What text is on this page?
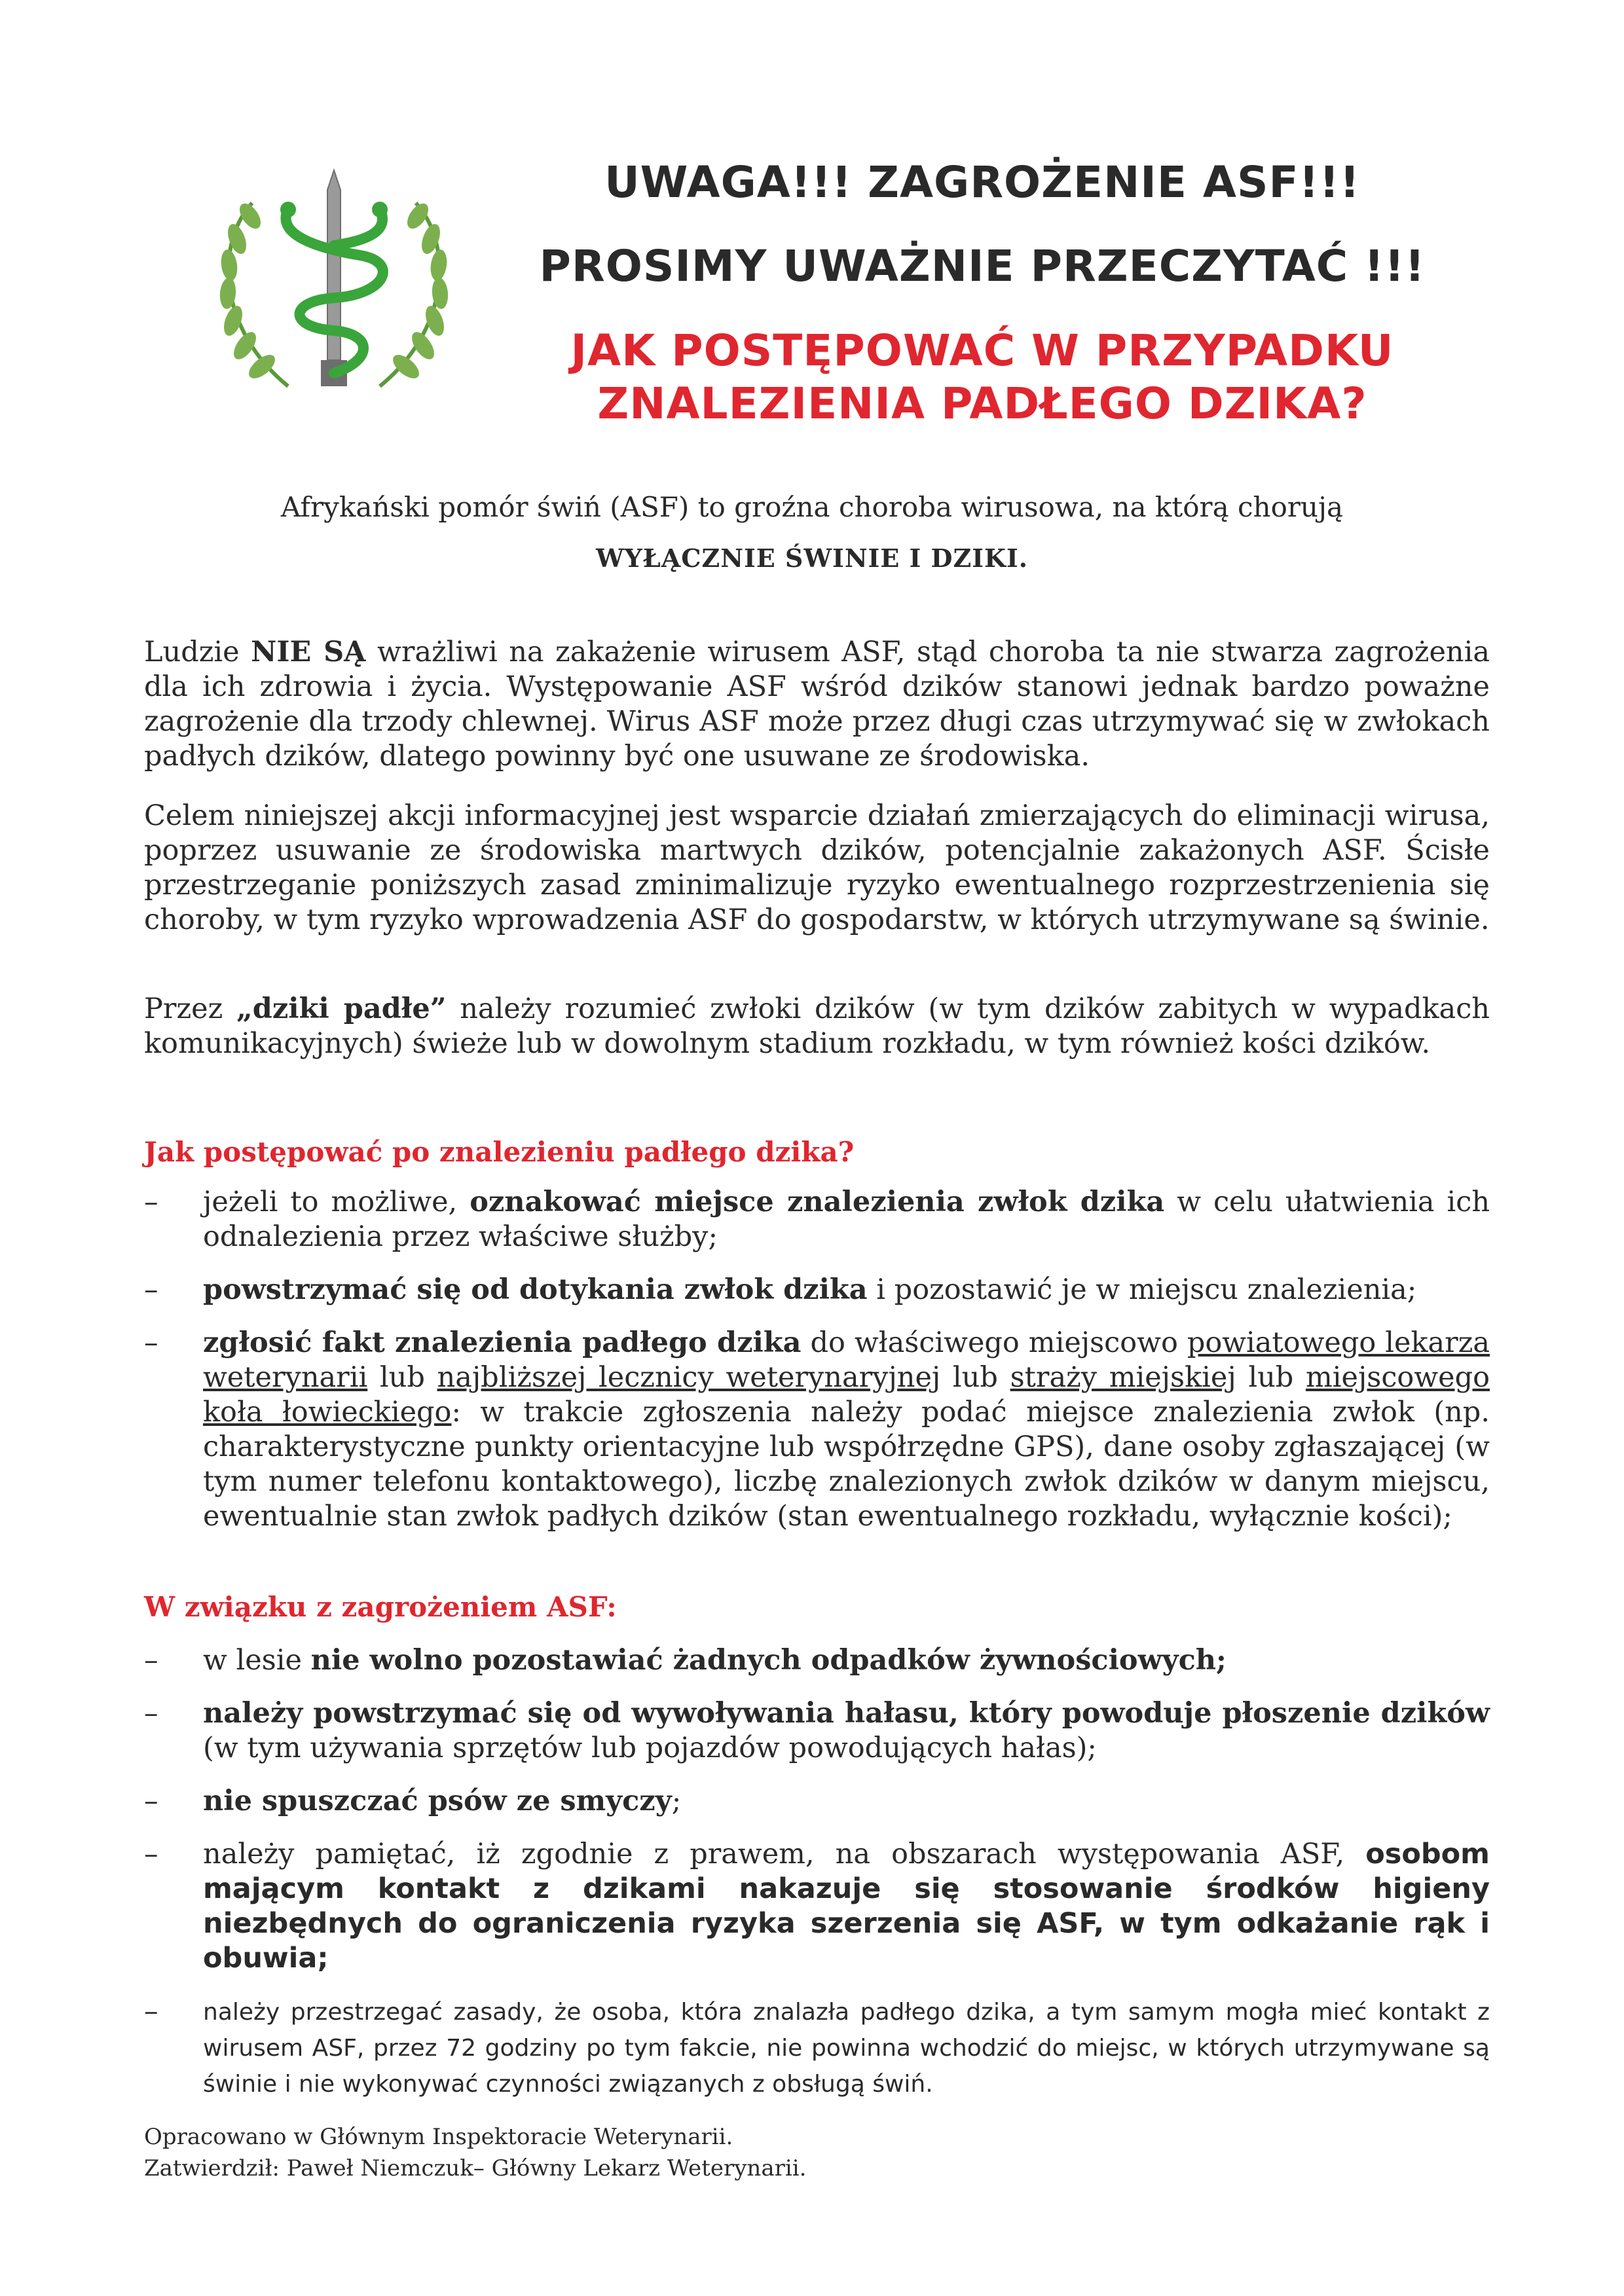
UWAGA!!! ZAGROŻENIE ASF!!!
PROSIMY UWAŻNIE PRZECZYTAĆ !!!
JAK POSTĘPOWAĆ W PRZYPADKU
ZNALEZIENIA PADŁEGO DZIKA?
Afrykański pomór świń (ASF) to groźna choroba wirusowa, na którą chorują
WYŁĄCZNIE ŚWINIE I DZIKI.
Ludzie NIE SĄ wrażliwi na zakażenie wirusem ASF, stąd choroba ta nie stwarza zagrożenia dla ich zdrowia i życia. Występowanie ASF wśród dzików stanowi jednak bardzo poważne zagrożenie dla trzody chlewnej. Wirus ASF może przez długi czas utrzymywać się w zwłokach padłych dzików, dlatego powinny być one usuwane ze środowiska.
Celem niniejszej akcji informacyjnej jest wsparcie działań zmierzających do eliminacji wirusa, poprzez usuwanie ze środowiska martwych dzików, potencjalnie zakażonych ASF. Ścisłe przestrzeganie poniższych zasad zminimalizuje ryzyko ewentualnego rozprzestrzenienia się choroby, w tym ryzyko wprowadzenia ASF do gospodarstw, w których utrzymywane są świnie.
Przez „dziki padłe” należy rozumieć zwłoki dzików (w tym dzików zabitych w wypadkach komunikacyjnych) świeże lub w dowolnym stadium rozkładu, w tym również kości dzików.
Jak postępować po znalezieniu padłego dzika?
– jeżeli to możliwe, oznakować miejsce znalezienia zwłok dzika w celu ułatwienia ich odnalezienia przez właściwe służby;
– powstrzymać się od dotykania zwłok dzika i pozostawić je w miejscu znalezienia;
– zgłosić fakt znalezienia padłego dzika do właściwego miejscowo powiatowego lekarza weterynarii lub najbliższej lecznicy weterynaryjnej lub straży miejskiej lub miejscowego koła łowieckiego: w trakcie zgłoszenia należy podać miejsce znalezienia zwłok (np. charakterystyczne punkty orientacyjne lub współrzędne GPS), dane osoby zgłaszającej (w tym numer telefonu kontaktowego), liczbę znalezionych zwłok dzików w danym miejscu, ewentualnie stan zwłok padłych dzików (stan ewentualnego rozkładu, wyłącznie kości);
W związku z zagrożeniem ASF:
– w lesie nie wolno pozostawiać żadnych odpadków żywnościowych;
– należy powstrzymać się od wywoływania hałasu, który powoduje płoszenie dzików (w tym używania sprzętów lub pojazdów powodujących hałas);
– nie spuszczać psów ze smyczy;
– należy pamiętać, iż zgodnie z prawem, na obszarach występowania ASF, osobom mającym kontakt z dzikami nakazuje się stosowanie środków higieny niezbędnych do ograniczenia ryzyka szerzenia się ASF, w tym odkażanie rąk i obuwia;
– należy przestrzegać zasady, że osoba, która znalazła padłego dzika, a tym samym mogła mieć kontakt z wirusem ASF, przez 72 godziny po tym fakcie, nie powinna wchodzić do miejsc, w których utrzymywane są świnie i nie wykonywać czynności związanych z obsługą świń.
Opracowano w Głównym Inspektoracie Weterynarii.
Zatwierdził: Paweł Niemczuk– Główny Lekarz Weterynarii.
